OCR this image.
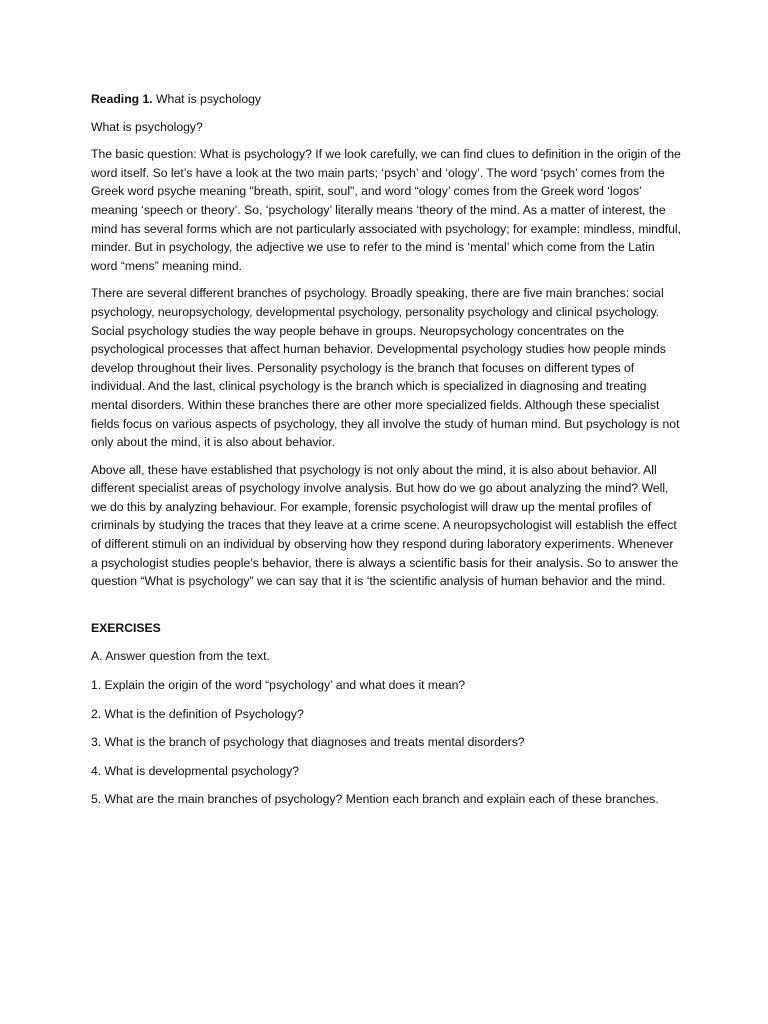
Reading 1. What is psychology

What is psychology?

The basic question: What is psychology? If we look carefully, we can find clues to definition in the origin of the word itself. So let’s have a look at the two main parts; ‘psych’ and ‘ology’. The word ‘psych’ comes from the Greek word psyche meaning "breath, spirit, soul", and word “ology’ comes from the Greek word ‘logos’ meaning ‘speech or theory’. So, ‘psychology’ literally means ‘theory of the mind. As a matter of interest, the mind has several forms which are not particularly associated with psychology; for example: mindless, mindful, minder. But in psychology, the adjective we use to refer to the mind is ‘mental’ which come from the Latin word “mens” meaning mind.

There are several different branches of psychology. Broadly speaking, there are five main branches: social psychology, neuropsychology, developmental psychology, personality psychology and clinical psychology. Social psychology studies the way people behave in groups. Neuropsychology concentrates on the psychological processes that affect human behavior. Developmental psychology studies how people minds develop throughout their lives. Personality psychology is the branch that focuses on different types of individual. And the last, clinical psychology is the branch which is specialized in diagnosing and treating mental disorders. Within these branches there are other more specialized fields. Although these specialist fields focus on various aspects of psychology, they all involve the study of human mind. But psychology is not only about the mind, it is also about behavior.

Above all, these have established that psychology is not only about the mind, it is also about behavior. All different specialist areas of psychology involve analysis. But how do we go about analyzing the mind? Well, we do this by analyzing behaviour. For example, forensic psychologist will draw up the mental profiles of criminals by studying the traces that they leave at a crime scene. A neuropsychologist will establish the effect of different stimuli on an individual by observing how they respond during laboratory experiments. Whenever a psychologist studies people’s behavior, there is always a scientific basis for their analysis. So to answer the question “What is psychology” we can say that it is ‘the scientific analysis of human behavior and the mind.

EXERCISES
A. Answer question from the text.
1. Explain the origin of the word “psychology’ and what does it mean?
2. What is the definition of Psychology?
3. What is the branch of psychology that diagnoses and treats mental disorders?
4. What is developmental psychology?
5. What are the main branches of psychology? Mention each branch and explain each of these branches.
